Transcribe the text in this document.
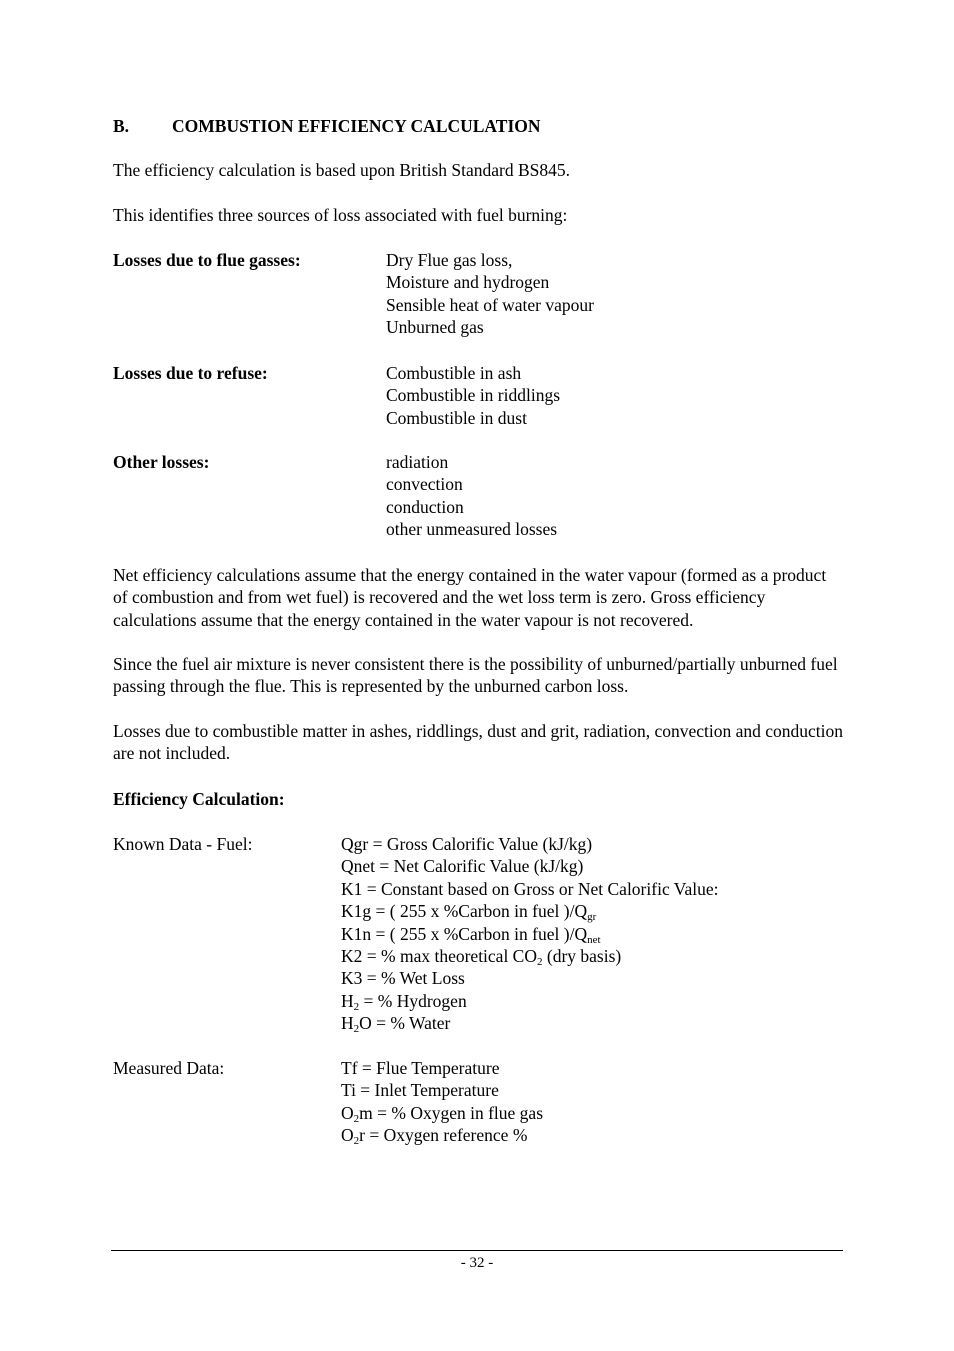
B. COMBUSTION EFFICIENCY CALCULATION
The efficiency calculation is based upon British Standard BS845.
This identifies three sources of loss associated with fuel burning:
Losses due to flue gasses:	Dry Flue gas loss,
Moisture and hydrogen
Sensible heat of water vapour
Unburned gas
Losses due to refuse:	Combustible in ash
Combustible in riddlings
Combustible in dust
Other losses:	radiation
convection
conduction
other unmeasured losses
Net efficiency calculations assume that the energy contained in the water vapour (formed as a product of combustion and from wet fuel) is recovered and the wet loss term is zero. Gross efficiency calculations assume that the energy contained in the water vapour is not recovered.
Since the fuel air mixture is never consistent there is the possibility of unburned/partially unburned fuel passing through the flue. This is represented by the unburned carbon loss.
Losses due to combustible matter in ashes, riddlings, dust and grit, radiation, convection and conduction are not included.
Efficiency Calculation:
Known Data - Fuel:	Qgr = Gross Calorific Value (kJ/kg)
Qnet = Net Calorific Value (kJ/kg)
K1 = Constant based on Gross or Net Calorific Value:
K1g = ( 255 x %Carbon in fuel )$/Q_{gr}$
K1n = ( 255 x %Carbon in fuel )$/Q_{net}$
K2 = % max theoretical $CO_2$ (dry basis)
K3 = % Wet Loss
$H_2$ = % Hydrogen
$H_2O$ = % Water
Measured Data:	Tf = Flue Temperature
Ti = Inlet Temperature
$O_2m$ = % Oxygen in flue gas
$O_2r$ = Oxygen reference %
- 32 -
